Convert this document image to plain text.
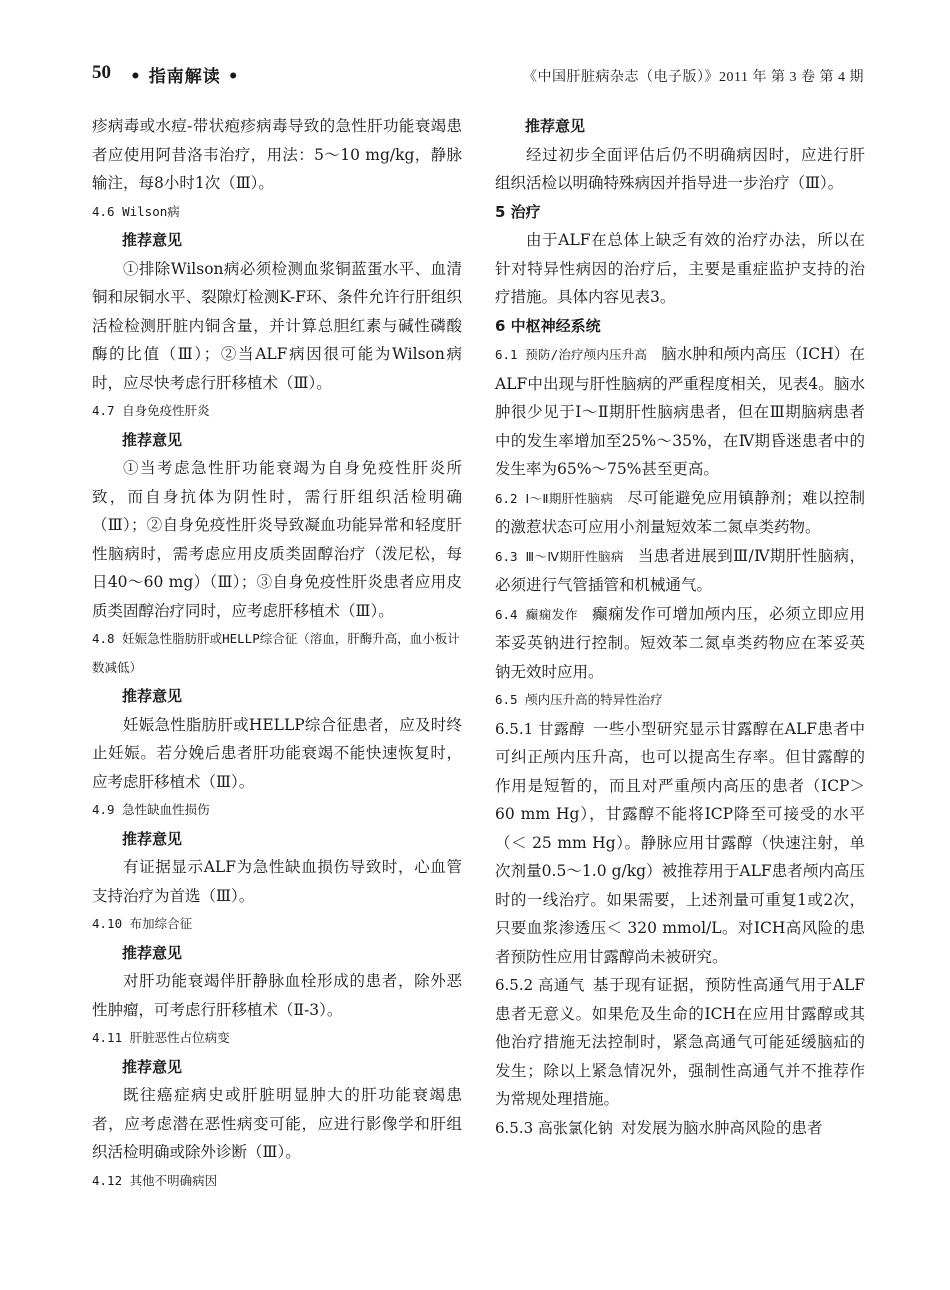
50 • 指南解读 •	《中国肝脏病杂志（电子版）》2011 年 第 3 卷 第 4 期

疹病毒或水痘-带状疱疹病毒导致的急性肝功能衰竭患者应使用阿昔洛韦治疗，用法：5～10 mg/kg，静脉输注，每8小时1次（Ⅲ）。

4.6 Wilson病

推荐意见

①排除Wilson病必须检测血浆铜蓝蛋水平、血清铜和尿铜水平、裂隙灯检测K-F环、条件允许行肝组织活检检测肝脏内铜含量，并计算总胆红素与碱性磷酸酶的比值（Ⅲ）；②当ALF病因很可能为Wilson病时，应尽快考虑行肝移植术（Ⅲ）。

4.7 自身免疫性肝炎

推荐意见

①当考虑急性肝功能衰竭为自身免疫性肝炎所致，而自身抗体为阴性时，需行肝组织活检明确（Ⅲ）；②自身免疫性肝炎导致凝血功能异常和轻度肝性脑病时，需考虑应用皮质类固醇治疗（泼尼松，每日40～60 mg）（Ⅲ）；③自身免疫性肝炎患者应用皮质类固醇治疗同时，应考虑肝移植术（Ⅲ）。

4.8 妊娠急性脂肪肝或HELLP综合征（溶血，肝酶升高，血小板计数减低）

推荐意见

妊娠急性脂肪肝或HELLP综合征患者，应及时终止妊娠。若分娩后患者肝功能衰竭不能快速恢复时，应考虑肝移植术（Ⅲ）。

4.9 急性缺血性损伤

推荐意见

有证据显示ALF为急性缺血损伤导致时，心血管支持治疗为首选（Ⅲ）。

4.10 布加综合征

推荐意见

对肝功能衰竭伴肝静脉血栓形成的患者，除外恶性肿瘤，可考虑行肝移植术（Ⅱ-3）。

4.11 肝脏恶性占位病变

推荐意见

既往癌症病史或肝脏明显肿大的肝功能衰竭患者，应考虑潜在恶性病变可能，应进行影像学和肝组织活检明确或除外诊断（Ⅲ）。

4.12 其他不明确病因

推荐意见

经过初步全面评估后仍不明确病因时，应进行肝组织活检以明确特殊病因并指导进一步治疗（Ⅲ）。

5 治疗

由于ALF在总体上缺乏有效的治疗办法，所以在针对特异性病因的治疗后，主要是重症监护支持的治疗措施。具体内容见表3。

6 中枢神经系统

6.1 预防/治疗颅内压升高 脑水肿和颅内高压（ICH）在ALF中出现与肝性脑病的严重程度相关，见表4。脑水肿很少见于Ⅰ～Ⅱ期肝性脑病患者，但在Ⅲ期脑病患者中的发生率增加至25%～35%，在Ⅳ期昏迷患者中的发生率为65%～75%甚至更高。

6.2 Ⅰ～Ⅱ期肝性脑病 尽可能避免应用镇静剂；难以控制的激惹状态可应用小剂量短效苯二氮卓类药物。

6.3 Ⅲ～Ⅳ期肝性脑病 当患者进展到Ⅲ/Ⅳ期肝性脑病，必须进行气管插管和机械通气。

6.4 癫痫发作 癫痫发作可增加颅内压，必须立即应用苯妥英钠进行控制。短效苯二氮卓类药物应在苯妥英钠无效时应用。

6.5 颅内压升高的特异性治疗

6.5.1 甘露醇 一些小型研究显示甘露醇在ALF患者中可纠正颅内压升高，也可以提高生存率。但甘露醇的作用是短暂的，而且对严重颅内高压的患者（ICP＞ 60 mm Hg），甘露醇不能将ICP降至可接受的水平（＜ 25 mm Hg）。静脉应用甘露醇（快速注射，单次剂量0.5～1.0 g/kg）被推荐用于ALF患者颅内高压时的一线治疗。如果需要，上述剂量可重复1或2次，只要血浆渗透压＜ 320 mmol/L。对ICH高风险的患者预防性应用甘露醇尚未被研究。

6.5.2 高通气 基于现有证据，预防性高通气用于ALF患者无意义。如果危及生命的ICH在应用甘露醇或其他治疗措施无法控制时，紧急高通气可能延缓脑疝的发生；除以上紧急情况外，强制性高通气并不推荐作为常规处理措施。

6.5.3 高张氯化钠 对发展为脑水肿高风险的患者
